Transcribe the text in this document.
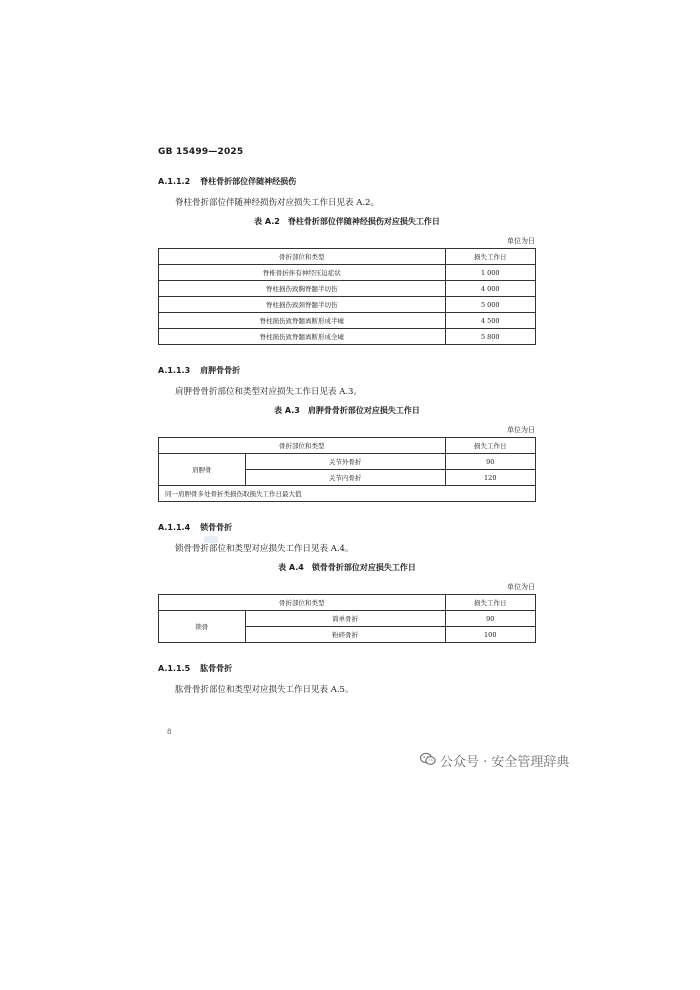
GB 15499—2025
A.1.1.2 脊柱骨折部位伴随神经损伤
脊柱骨折部位伴随神经损伤对应损失工作日见表 A.2。
表 A.2　脊柱骨折部位伴随神经损伤对应损失工作日
单位为日
骨折部位和类型	损失工作日
脊椎骨折伴有神经压迫症状	1 000
脊柱损伤致胸脊髓半切伤	4 000
脊柱损伤致颈脊髓半切伤	5 000
脊柱损伤致脊髓离断形成半瘫	4 500
脊柱损伤致脊髓离断形成全瘫	5 800
A.1.1.3 肩胛骨骨折
肩胛骨骨折部位和类型对应损失工作日见表 A.3。
表 A.3　肩胛骨骨折部位对应损失工作日
单位为日
骨折部位和类型		损失工作日
肩胛骨	关节外骨折	90
	关节内骨折	120
同一肩胛骨多处骨折类损伤取损失工作日最大值		
A.1.1.4 锁骨骨折
锁骨骨折部位和类型对应损失工作日见表 A.4。
表 A.4　锁骨骨折部位对应损失工作日
单位为日
骨折部位和类型		损失工作日
锁骨	简单骨折	90
	粉碎骨折	100
A.1.1.5 肱骨骨折
肱骨骨折部位和类型对应损失工作日见表 A.5。
8
公众号 · 安全管理辞典
